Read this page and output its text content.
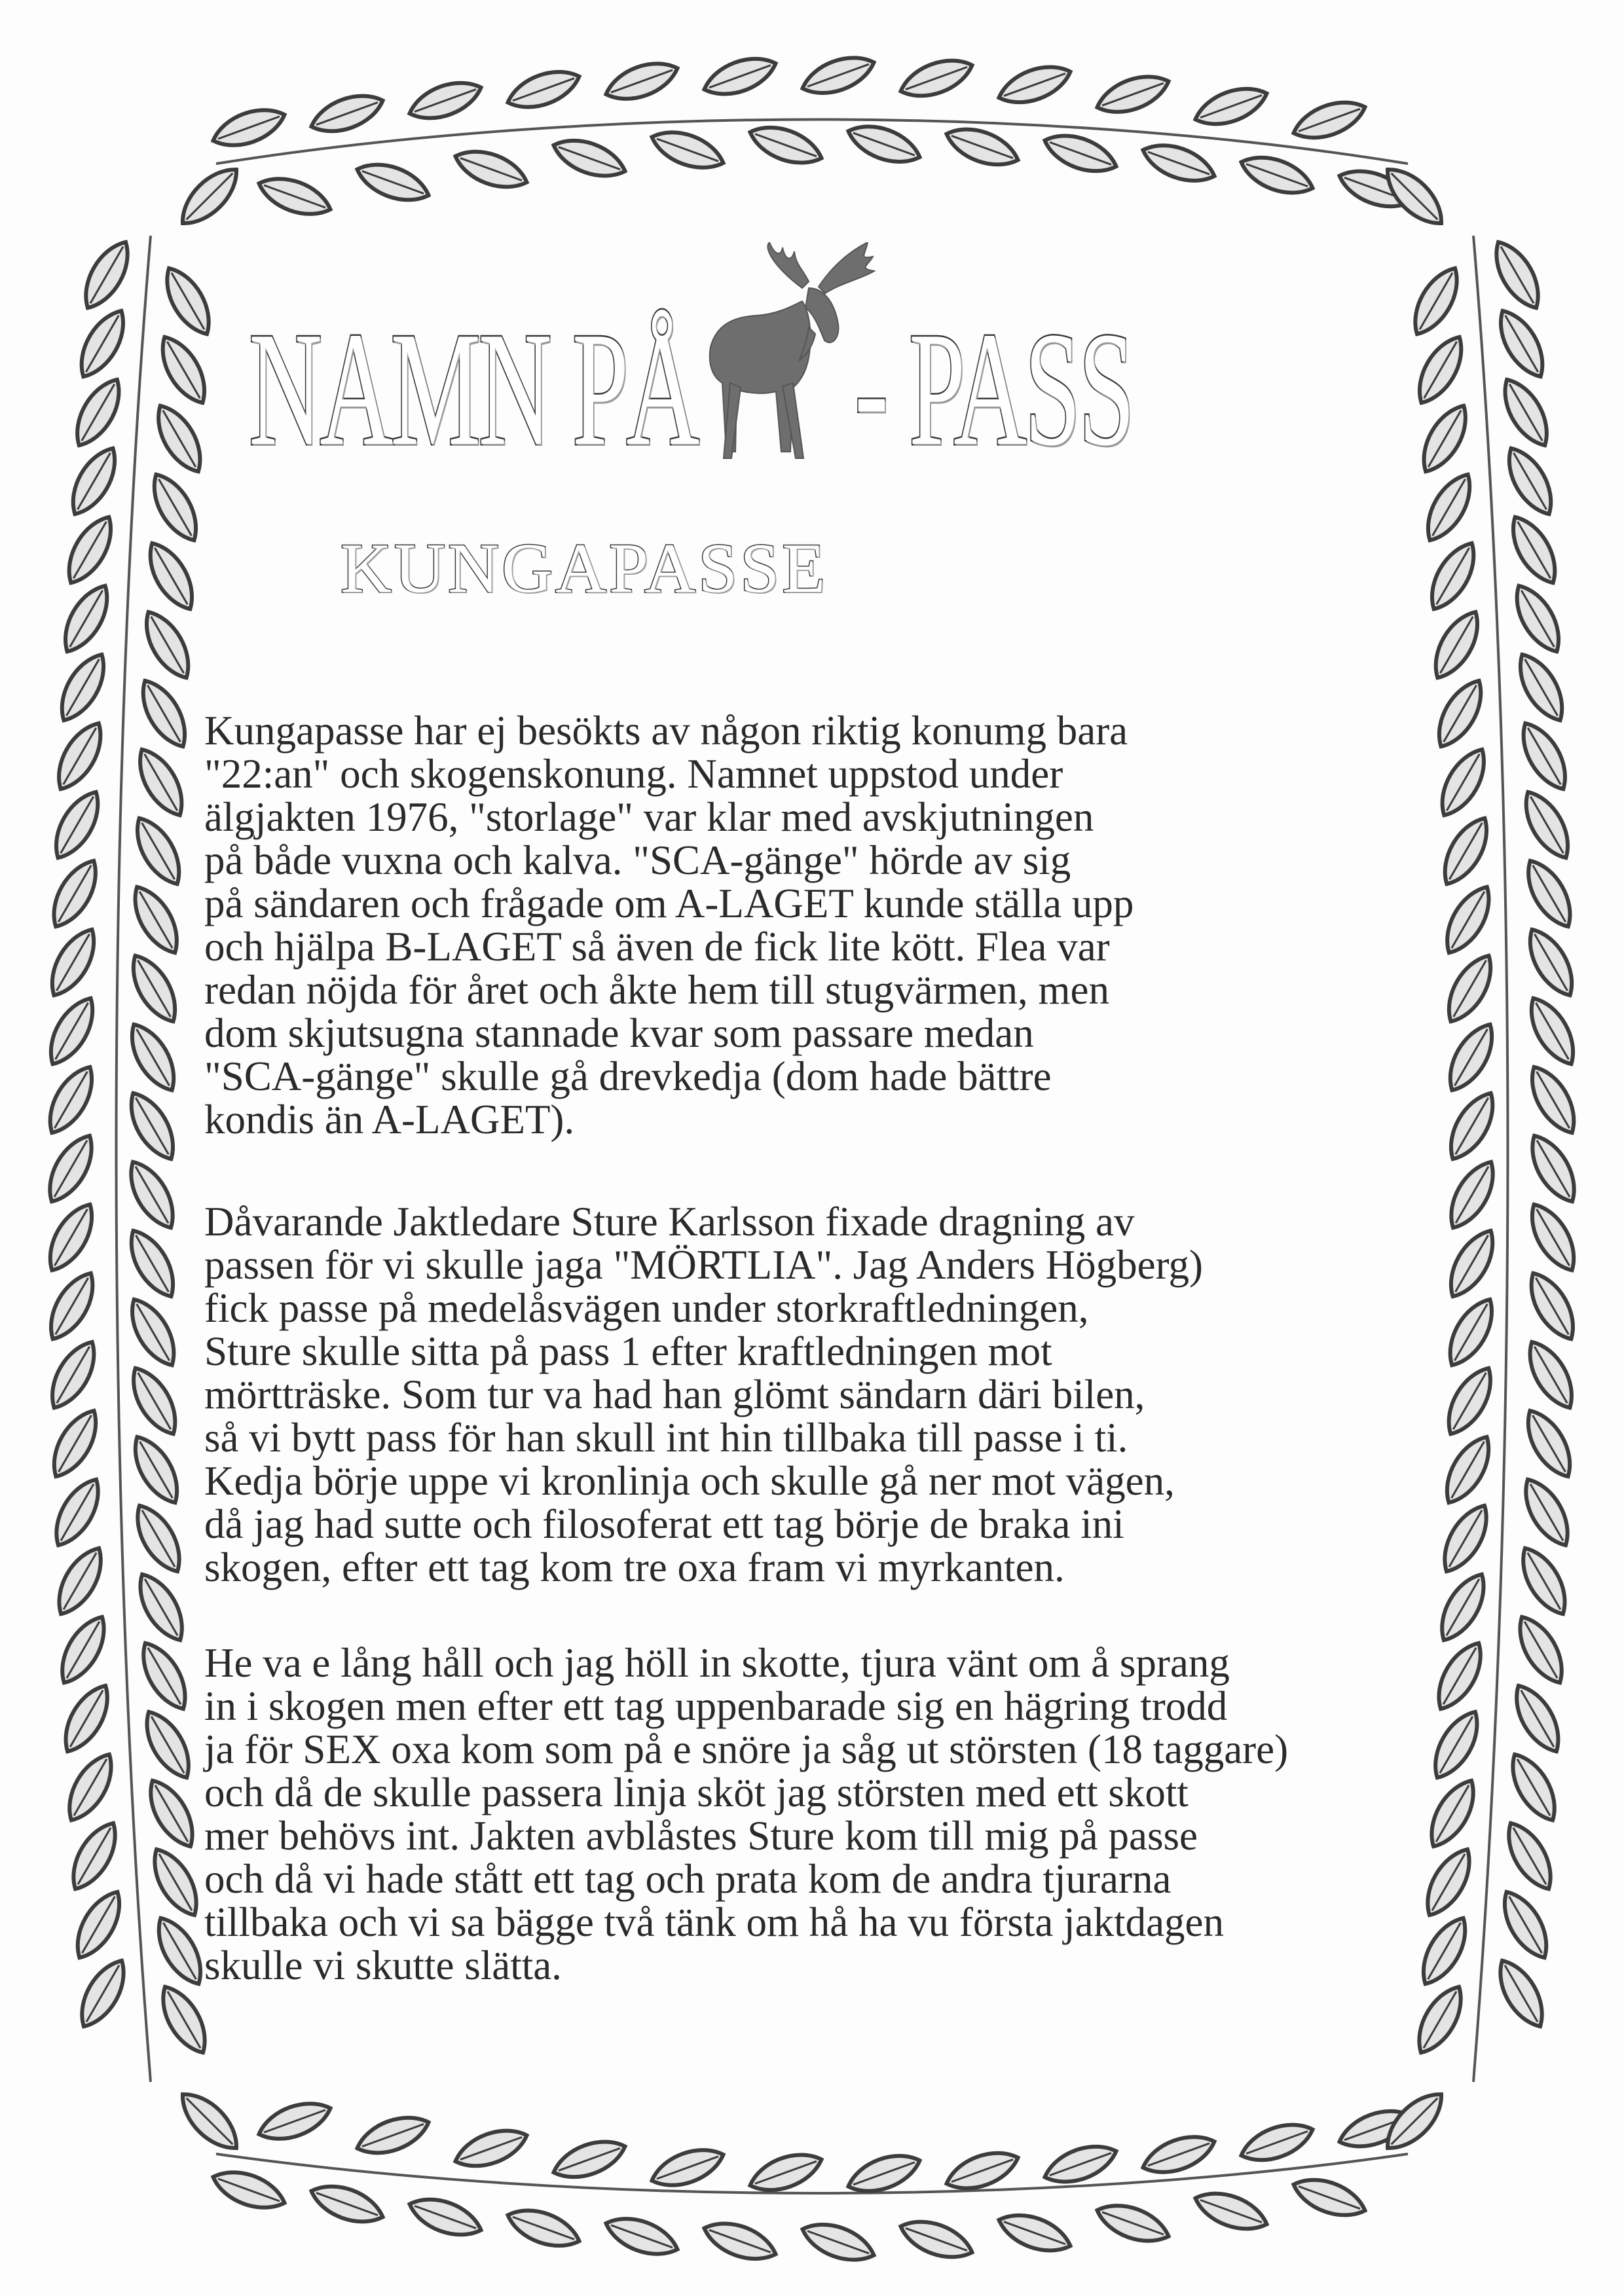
NAMN PÅ - PASS
KUNGAPASSE
Kungapasse har ej besökts av någon riktig konumg bara
"22:an" och skogenskonung. Namnet uppstod under
älgjakten 1976, "storlage" var klar med avskjutningen
på både vuxna och kalva. "SCA-gänge" hörde av sig
på sändaren och frågade om A-LAGET kunde ställa upp
och hjälpa B-LAGET så även de fick lite kött. Flea var
redan nöjda för året och åkte hem till stugvärmen, men
dom skjutsugna stannade kvar som passare medan
"SCA-gänge" skulle gå drevkedja (dom hade bättre
kondis än A-LAGET).
Dåvarande Jaktledare Sture Karlsson fixade dragning av
passen för vi skulle jaga "MÖRTLIA". Jag Anders Högberg)
fick passe på medelåsvägen under storkraftledningen,
Sture skulle sitta på pass 1 efter kraftledningen mot
mörtträske. Som tur va had han glömt sändarn däri bilen,
så vi bytt pass för han skull int hin tillbaka till passe i ti.
Kedja börje uppe vi kronlinja och skulle gå ner mot vägen,
då jag had sutte och filosoferat ett tag börje de braka ini
skogen, efter ett tag kom tre oxa fram vi myrkanten.
He va e lång håll och jag höll in skotte, tjura vänt om å sprang
in i skogen men efter ett tag uppenbarade sig en hägring trodd
ja för SEX oxa kom som på e snöre ja såg ut störsten (18 taggare)
och då de skulle passera linja sköt jag störsten med ett skott
mer behövs int. Jakten avblåstes Sture kom till mig på passe
och då vi hade stått ett tag och prata kom de andra tjurarna
tillbaka och vi sa bägge två tänk om hå ha vu första jaktdagen
skulle vi skutte slätta.
